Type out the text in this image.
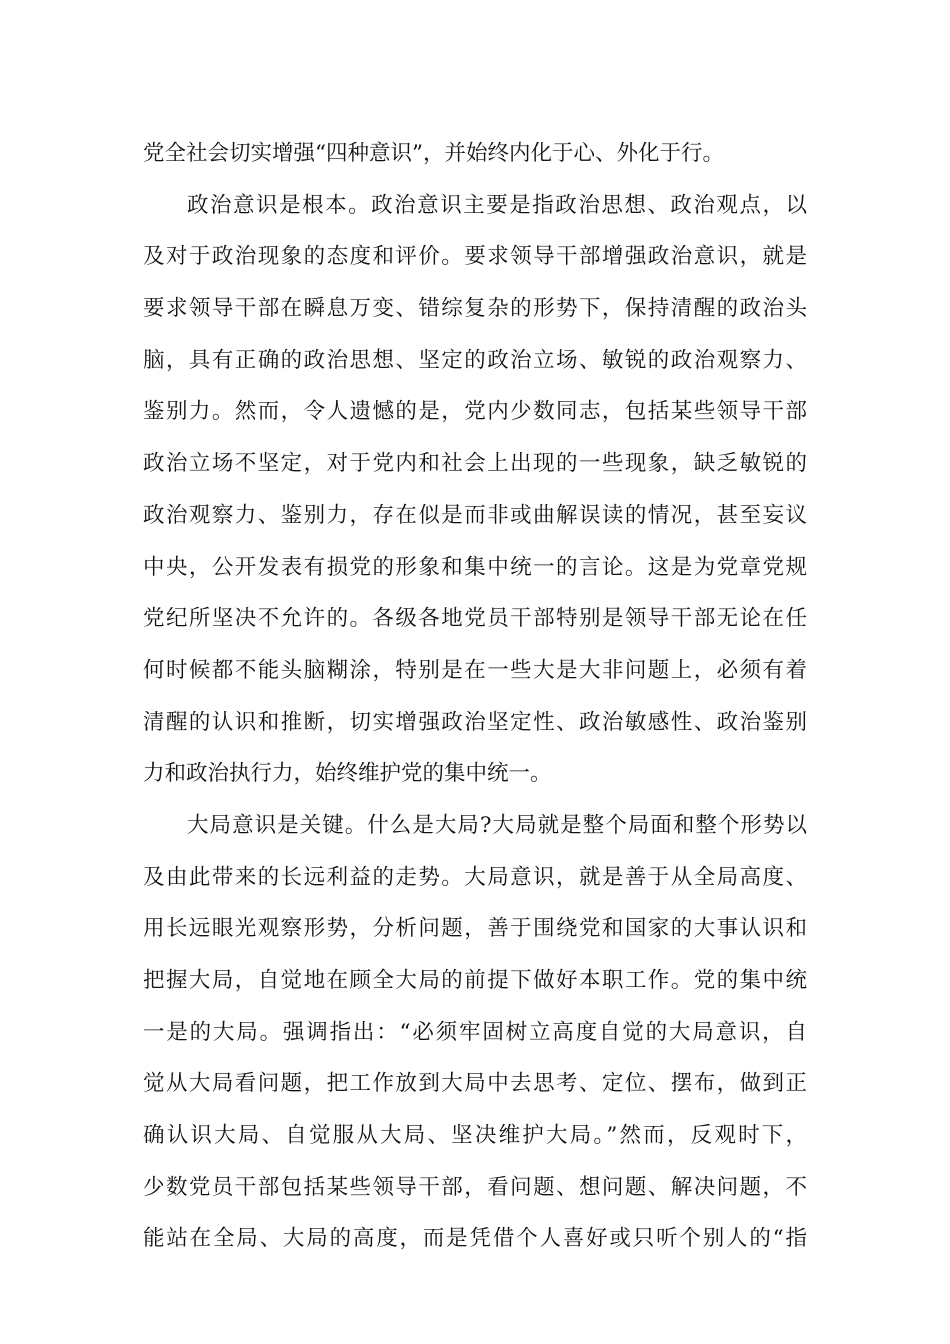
党全社会切实增强“四种意识”，并始终内化于心、外化于行。
政治意识是根本。政治意识主要是指政治思想、政治观点，以
及对于政治现象的态度和评价。要求领导干部增强政治意识，就是
要求领导干部在瞬息万变、错综复杂的形势下，保持清醒的政治头
脑，具有正确的政治思想、坚定的政治立场、敏锐的政治观察力、
鉴别力。然而，令人遗憾的是，党内少数同志，包括某些领导干部
政治立场不坚定，对于党内和社会上出现的一些现象，缺乏敏锐的
政治观察力、鉴别力，存在似是而非或曲解误读的情况，甚至妄议
中央，公开发表有损党的形象和集中统一的言论。这是为党章党规
党纪所坚决不允许的。各级各地党员干部特别是领导干部无论在任
何时候都不能头脑糊涂，特别是在一些大是大非问题上，必须有着
清醒的认识和推断，切实增强政治坚定性、政治敏感性、政治鉴别
力和政治执行力，始终维护党的集中统一。
大局意识是关键。什么是大局?大局就是整个局面和整个形势以
及由此带来的长远利益的走势。大局意识，就是善于从全局高度、
用长远眼光观察形势，分析问题，善于围绕党和国家的大事认识和
把握大局，自觉地在顾全大局的前提下做好本职工作。党的集中统
一是的大局。强调指出：“必须牢固树立高度自觉的大局意识，自
觉从大局看问题，把工作放到大局中去思考、定位、摆布，做到正
确认识大局、自觉服从大局、坚决维护大局。”然而，反观时下，
少数党员干部包括某些领导干部，看问题、想问题、解决问题，不
能站在全局、大局的高度，而是凭借个人喜好或只听个别人的“指
